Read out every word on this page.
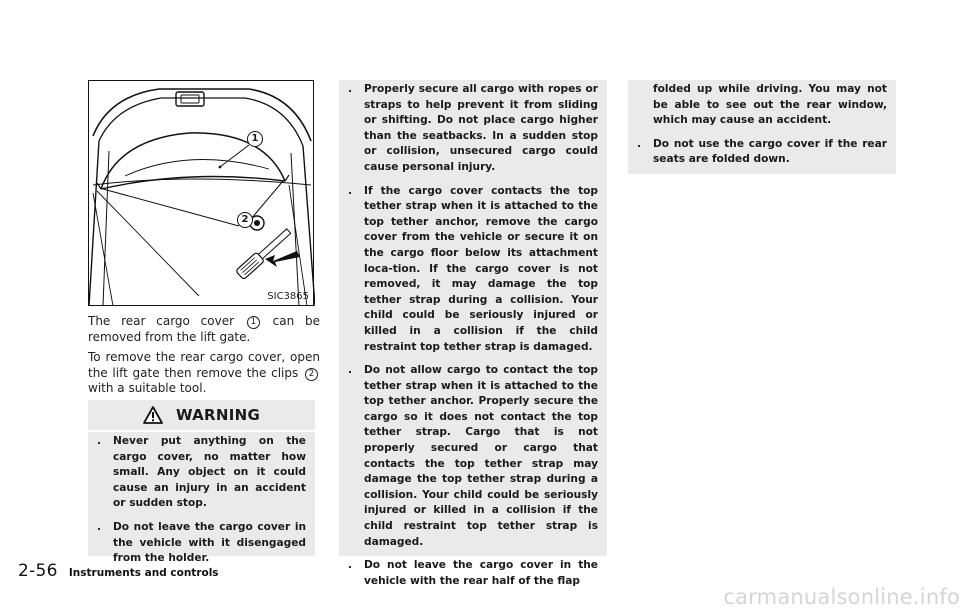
1
2
SIC3865

The rear cargo cover 1 can be removed from the lift gate.

To remove the rear cargo cover, open the lift gate then remove the clips 2 with a suitable tool.

WARNING
. Never put anything on the cargo cover, no matter how small. Any object on it could cause an injury in an accident or sudden stop.
. Do not leave the cargo cover in the vehicle with it disengaged from the holder.
. Properly secure all cargo with ropes or straps to help prevent it from sliding or shifting. Do not place cargo higher than the seatbacks. In a sudden stop or collision, unsecured cargo could cause personal injury.
. If the cargo cover contacts the top tether strap when it is attached to the top tether anchor, remove the cargo cover from the vehicle or secure it on the cargo floor below its attachment loca-tion. If the cargo cover is not removed, it may damage the top tether strap during a collision. Your child could be seriously injured or killed in a collision if the child restraint top tether strap is damaged.
. Do not allow cargo to contact the top tether strap when it is attached to the top tether anchor. Properly secure the cargo so it does not contact the top tether strap. Cargo that is not properly secured or cargo that contacts the top tether strap may damage the top tether strap during a collision. Your child could be seriously injured or killed in a collision if the child restraint top tether strap is damaged.
. Do not leave the cargo cover in the vehicle with the rear half of the flap
folded up while driving. You may not be able to see out the rear window, which may cause an accident.
. Do not use the cargo cover if the rear seats are folded down.
2-56 Instruments and controls
carmanualsonline.info
